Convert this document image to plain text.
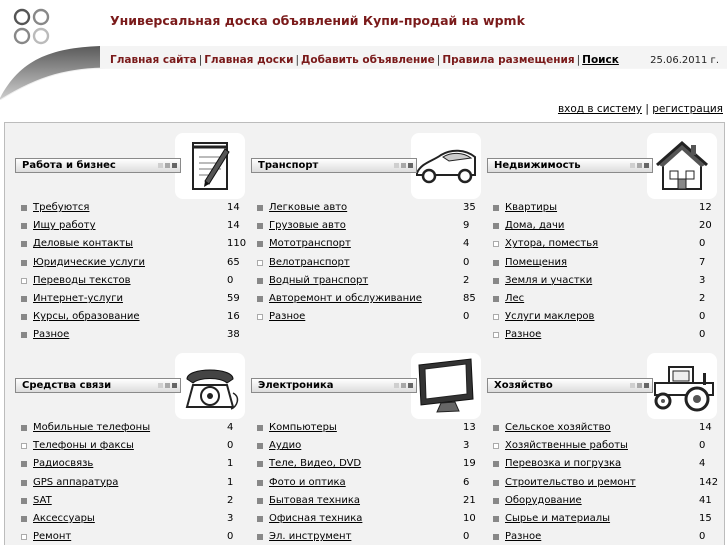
Универсальная доска объявлений Купи-продай на wpmk
Главная сайта | Главная доски | Добавить объявление | Правила размещения | Поиск	25.06.2011 г.
вход в систему | регистрация
Работа и бизнес
Требуются	14
Ищу работу	14
Деловые контакты	110
Юридические услуги	65
Переводы текстов	0
Интернет-услуги	59
Курсы, образование	16
Разное	38
Транспорт
Легковые авто	35
Грузовые авто	9
Мототранспорт	4
Велотранспорт	0
Водный транспорт	2
Авторемонт и обслуживание	85
Разное	0
Недвижимость
Квартиры	12
Дома, дачи	20
Хутора, поместья	0
Помещения	7
Земля и участки	3
Лес	2
Услуги маклеров	0
Разное	0
Средства связи
Мобильные телефоны	4
Телефоны и факсы	0
Радиосвязь	1
GPS аппаратура	1
SAT	2
Аксессуары	3
Ремонт	0
Электроника
Компьютеры	13
Аудио	3
Теле, Видео, DVD	19
Фото и оптика	6
Бытовая техника	21
Офисная техника	10
Эл. инструмент	0
Хозяйство
Сельское хозяйство	14
Хозяйственные работы	0
Перевозка и погрузка	4
Строительство и ремонт	142
Оборудование	41
Сырье и материалы	15
Разное	0
